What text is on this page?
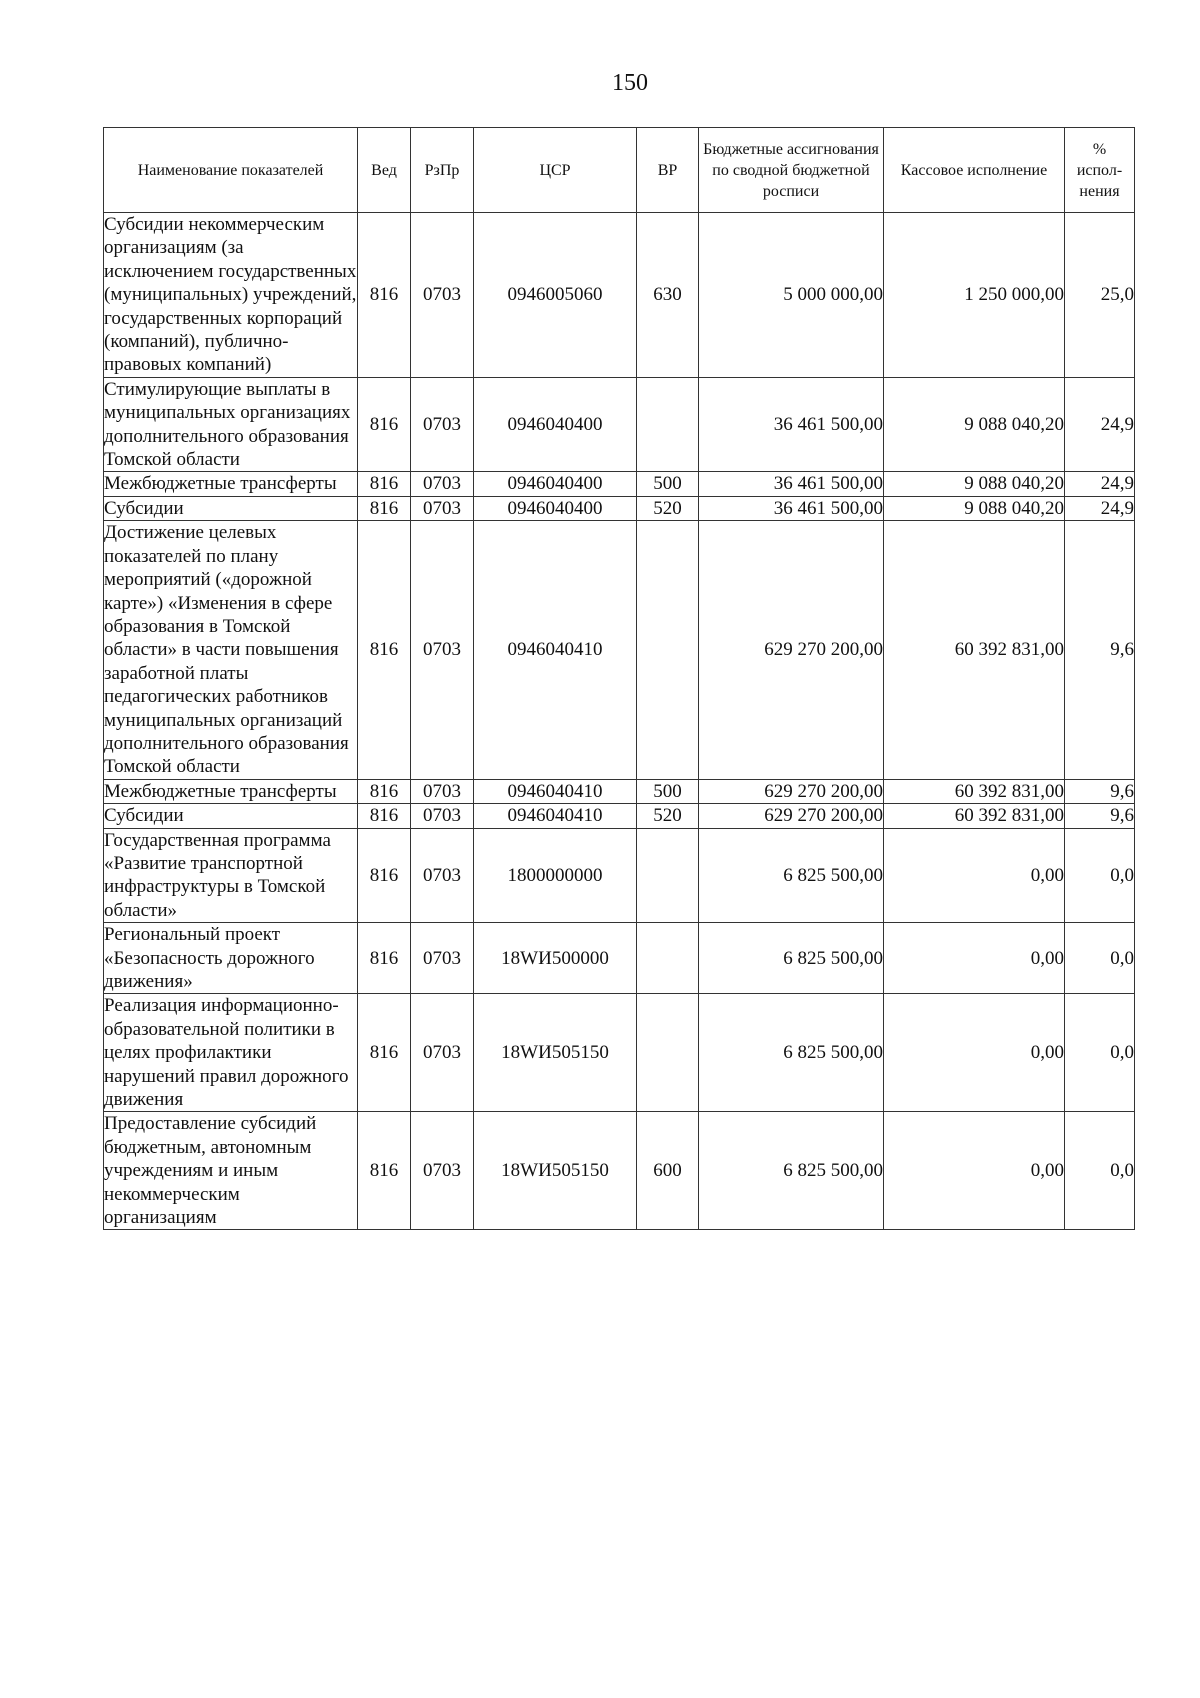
150
Наименование показателей	Вед	РзПр	ЦСР	ВР	Бюджетные ассигнования по сводной бюджетной росписи	Кассовое исполнение	% испол-нения
Субсидии некоммерческим организациям (за исключением государственных (муниципальных) учреждений, государственных корпораций (компаний), публично-правовых компаний)	816	0703	0946005060	630	5 000 000,00	1 250 000,00	25,0
Стимулирующие выплаты в муниципальных организациях дополнительного образования Томской области	816	0703	0946040400		36 461 500,00	9 088 040,20	24,9
Межбюджетные трансферты	816	0703	0946040400	500	36 461 500,00	9 088 040,20	24,9
Субсидии	816	0703	0946040400	520	36 461 500,00	9 088 040,20	24,9
Достижение целевых показателей по плану мероприятий («дорожной карте») «Изменения в сфере образования в Томской области» в части повышения заработной платы педагогических работников муниципальных организаций дополнительного образования Томской области	816	0703	0946040410		629 270 200,00	60 392 831,00	9,6
Межбюджетные трансферты	816	0703	0946040410	500	629 270 200,00	60 392 831,00	9,6
Субсидии	816	0703	0946040410	520	629 270 200,00	60 392 831,00	9,6
Государственная программа «Развитие транспортной инфраструктуры в Томской области»	816	0703	1800000000		6 825 500,00	0,00	0,0
Региональный проект «Безопасность дорожного движения»	816	0703	18WИ500000		6 825 500,00	0,00	0,0
Реализация информационно-образовательной политики в целях профилактики нарушений правил дорожного движения	816	0703	18WИ505150		6 825 500,00	0,00	0,0
Предоставление субсидий бюджетным, автономным учреждениям и иным некоммерческим организациям	816	0703	18WИ505150	600	6 825 500,00	0,00	0,0
